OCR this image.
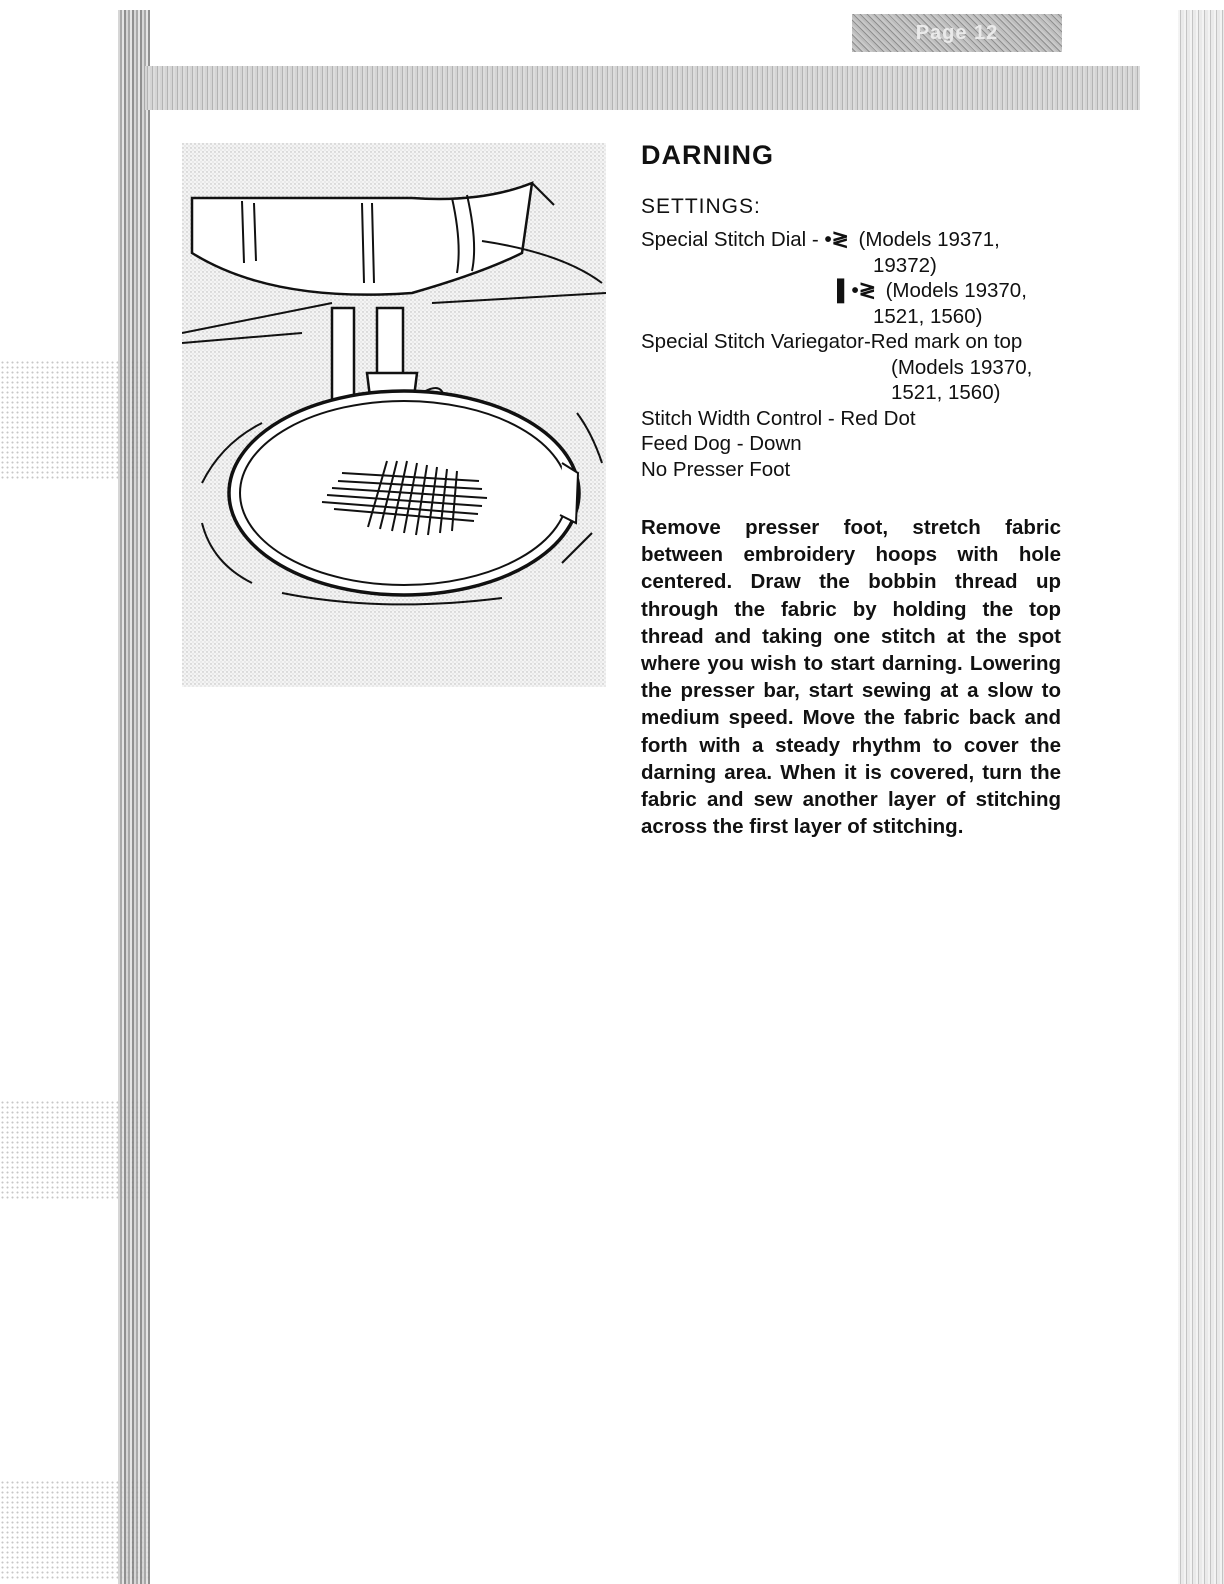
Page 12
DARNING
SETTINGS:
Special Stitch Dial - •≷ (Models 19371,
19372)
▌•≷ (Models 19370,
1521, 1560)
Special Stitch Variegator-Red mark on top
(Models 19370,
1521, 1560)
Stitch Width Control - Red Dot
Feed Dog - Down
No Presser Foot
Remove presser foot, stretch fabric between embroidery hoops with hole centered. Draw the bobbin thread up through the fabric by holding the top thread and taking one stitch at the spot where you wish to start darning. Lowering the presser bar, start sewing at a slow to medium speed. Move the fabric back and forth with a steady rhythm to cover the darning area. When it is covered, turn the fabric and sew another layer of stitching across the first layer of stitching.
